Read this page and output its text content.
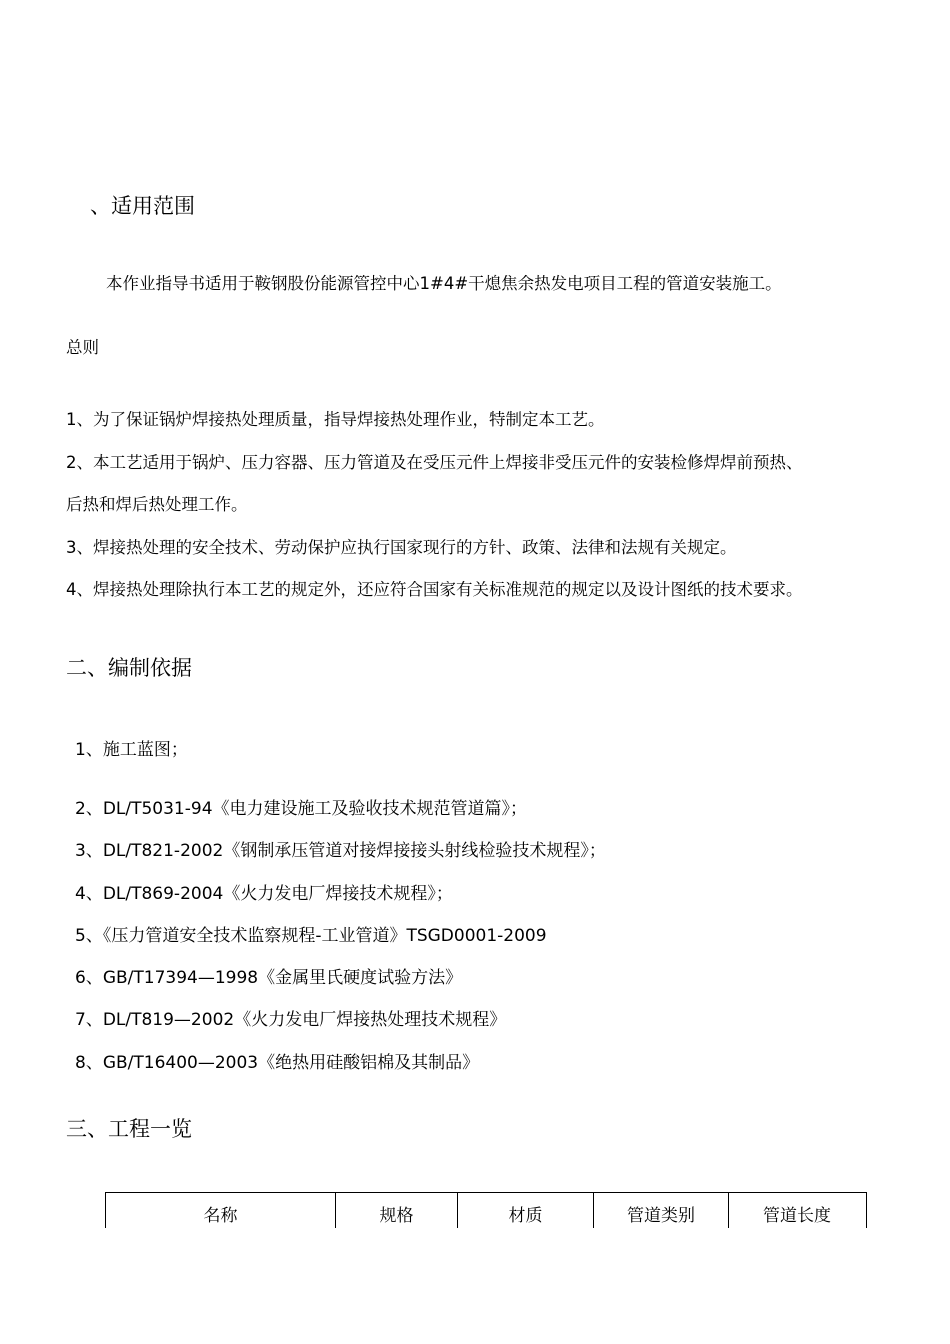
、适用范围
本作业指导书适用于鞍钢股份能源管控中心1#4#干熄焦余热发电项目工程的管道安装施工。
总则
1、为了保证锅炉焊接热处理质量，指导焊接热处理作业，特制定本工艺。
2、本工艺适用于锅炉、压力容器、压力管道及在受压元件上焊接非受压元件的安装检修焊焊前预热、
后热和焊后热处理工作。
3、焊接热处理的安全技术、劳动保护应执行国家现行的方针、政策、法律和法规有关规定。
4、焊接热处理除执行本工艺的规定外，还应符合国家有关标准规范的规定以及设计图纸的技术要求。
二、编制依据
1、施工蓝图；
2、DL/T5031-94《电力建设施工及验收技术规范管道篇》；
3、DL/T821-2002《钢制承压管道对接焊接接头射线检验技术规程》；
4、DL/T869-2004《火力发电厂焊接技术规程》；
5、《压力管道安全技术监察规程-工业管道》TSGD0001-2009
6、GB/T17394—1998《金属里氏硬度试验方法》
7、DL/T819—2002《火力发电厂焊接热处理技术规程》
8、GB/T16400—2003《绝热用硅酸铝棉及其制品》
三、工程一览
名称	规格	材质	管道类别	管道长度
